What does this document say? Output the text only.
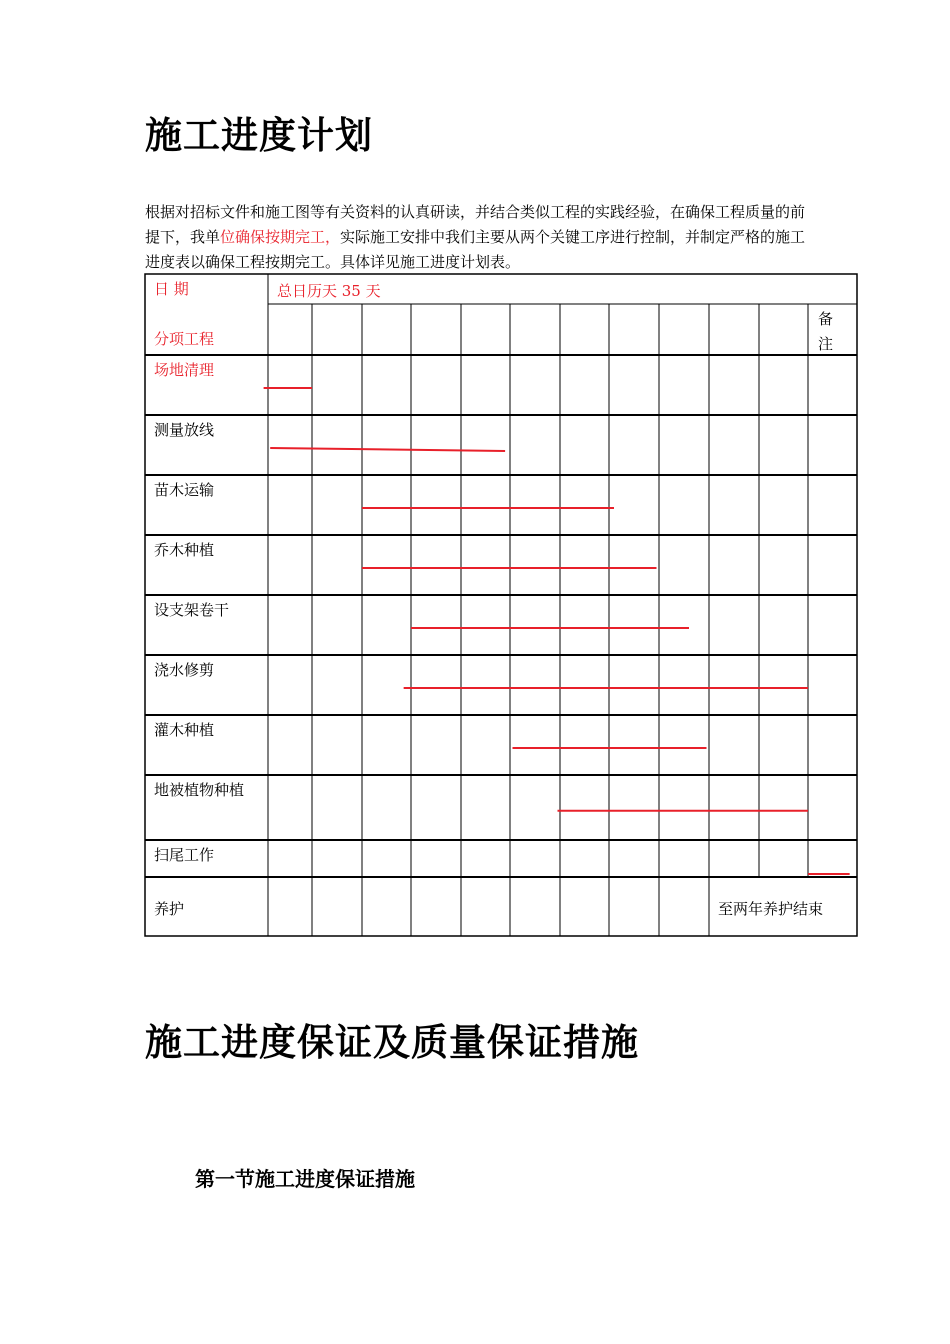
施工进度计划

根据对招标文件和施工图等有关资料的认真研读，并结合类似工程的实践经验，在确保工程质量的前提下，我单位确保按期完工，实际施工安排中我们主要从两个关键工序进行控制，并制定严格的施工进度表以确保工程按期完工。具体详见施工进度计划表。

日 期
分项工程
总日历天 35 天
备
注
场地清理
测量放线
苗木运输
乔木种植
设支架卷干
浇水修剪
灌木种植
地被植物种植
扫尾工作
养护	至两年养护结束
施工进度保证及质量保证措施
第一节施工进度保证措施
